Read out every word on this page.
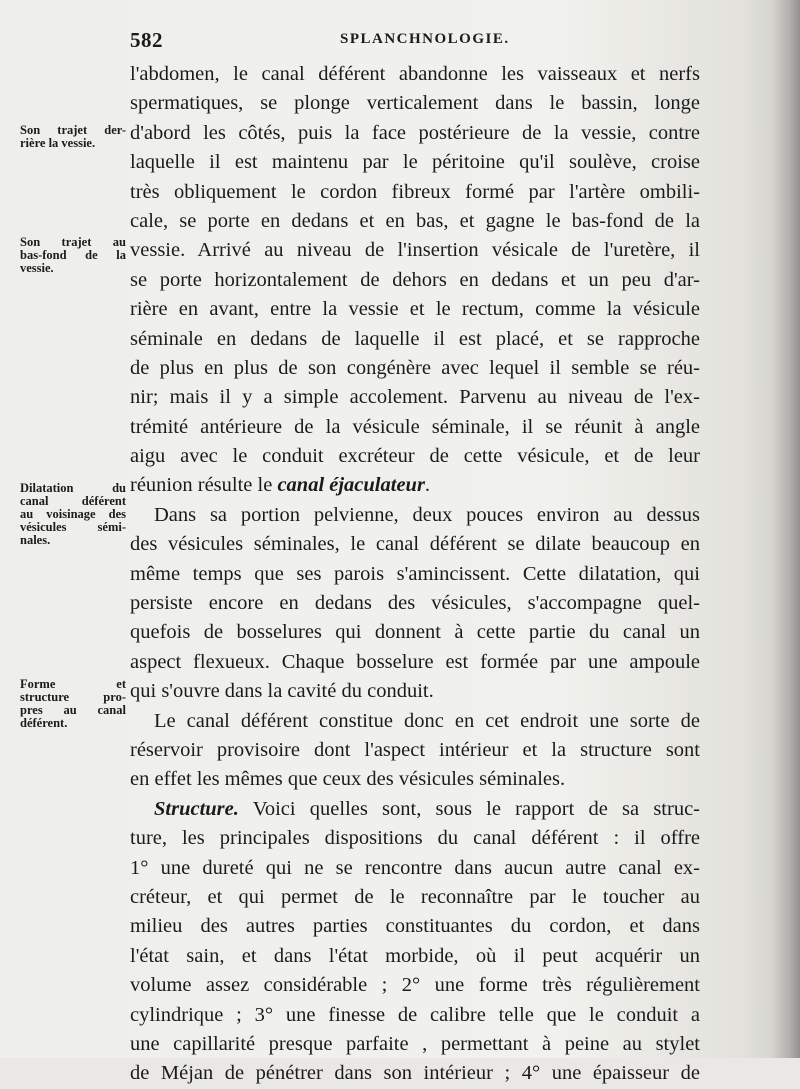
582	SPLANCHNOLOGIE.
Son trajet der-
rière la vessie.
Son trajet au
bas-fond de la
vessie.
Dilatation du
canal déférent
au voisinage des
vésicules sémi-
nales.
Forme et
structure pro-
pres au canal
déférent.
l'abdomen, le canal déférent abandonne les vaisseaux et nerfs
spermatiques, se plonge verticalement dans le bassin, longe
d'abord les côtés, puis la face postérieure de la vessie, contre
laquelle il est maintenu par le péritoine qu'il soulève, croise
très obliquement le cordon fibreux formé par l'artère ombili-
cale, se porte en dedans et en bas, et gagne le bas-fond de la
vessie. Arrivé au niveau de l'insertion vésicale de l'uretère, il
se porte horizontalement de dehors en dedans et un peu d'ar-
rière en avant, entre la vessie et le rectum, comme la vésicule
séminale en dedans de laquelle il est placé, et se rapproche
de plus en plus de son congénère avec lequel il semble se réu-
nir; mais il y a simple accolement. Parvenu au niveau de l'ex-
trémité antérieure de la vésicule séminale, il se réunit à angle
aigu avec le conduit excréteur de cette vésicule, et de leur
réunion résulte le canal éjaculateur.
Dans sa portion pelvienne, deux pouces environ au dessus
des vésicules séminales, le canal déférent se dilate beaucoup en
même temps que ses parois s'amincissent. Cette dilatation, qui
persiste encore en dedans des vésicules, s'accompagne quel-
quefois de bosselures qui donnent à cette partie du canal un
aspect flexueux. Chaque bosselure est formée par une ampoule
qui s'ouvre dans la cavité du conduit.
Le canal déférent constitue donc en cet endroit une sorte de
réservoir provisoire dont l'aspect intérieur et la structure sont
en effet les mêmes que ceux des vésicules séminales.
Structure. Voici quelles sont, sous le rapport de sa struc-
ture, les principales dispositions du canal déférent : il offre
1° une dureté qui ne se rencontre dans aucun autre canal ex-
créteur, et qui permet de le reconnaître par le toucher au
milieu des autres parties constituantes du cordon, et dans
l'état sain, et dans l'état morbide, où il peut acquérir un
volume assez considérable ; 2° une forme très régulièrement
cylindrique ; 3° une finesse de calibre telle que le conduit a
une capillarité presque parfaite , permettant à peine au stylet
de Méjan de pénétrer dans son intérieur ; 4° une épaisseur de
